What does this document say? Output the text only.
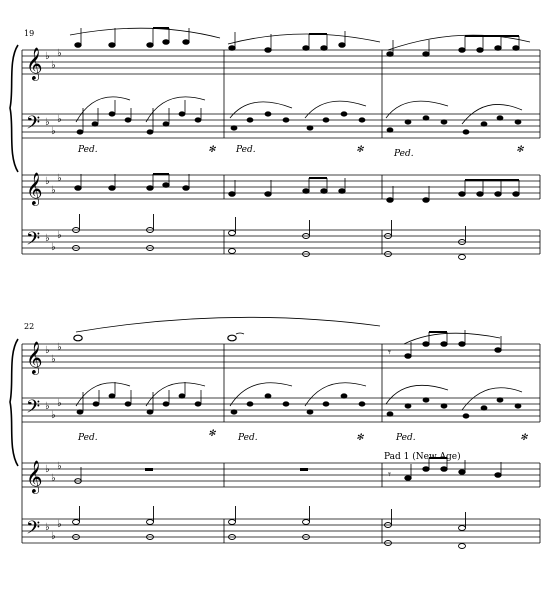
19
𝄞
𝄢
𝄞
𝄢
♭
♭
♭
♭
♭
♭
♭
♭
♭
♭
♭
♭
Ped.	✻ Ped.	✻	Ped.	✻
22
𝄞
𝄢
𝄞
𝄢
♭
♭
♭
♭
♭
♭
♭
♭
♭
♭
♭
♭
𝄾
Ped.	✻ Ped.	✻	Ped.	✻
Pad 1 (New Age)
𝄾
